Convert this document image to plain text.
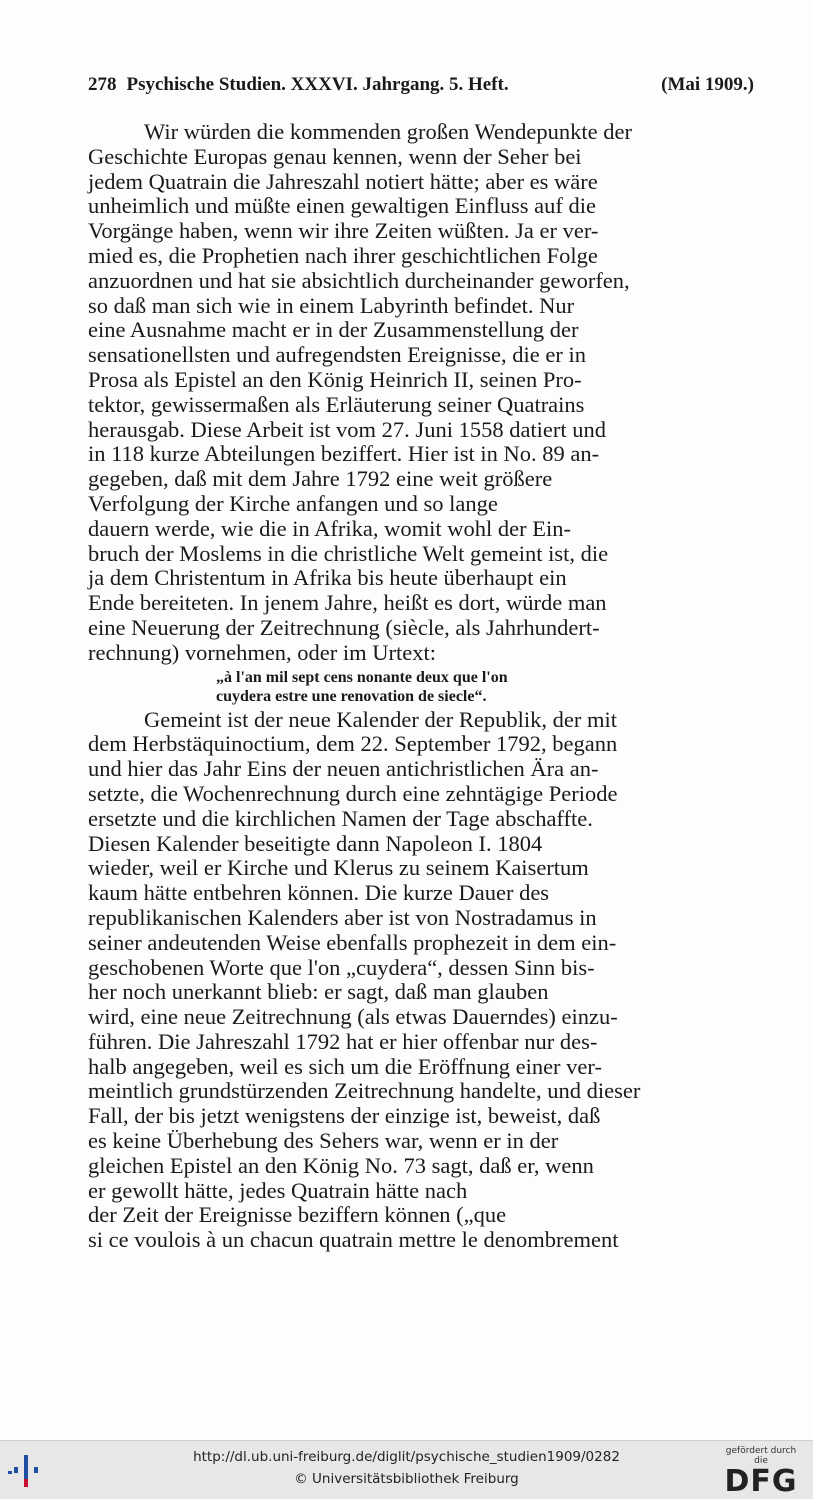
278 Psychische Studien. XXXVI. Jahrgang. 5. Heft.	(Mai 1909.)

Wir würden die kommenden großen Wendepunkte der
Geschichte Europas genau kennen, wenn der Seher bei
jedem Quatrain die Jahreszahl notiert hätte; aber es wäre
unheimlich und müßte einen gewaltigen Einfluss auf die
Vorgänge haben, wenn wir ihre Zeiten wüßten. Ja er ver-
mied es, die Prophetien nach ihrer geschichtlichen Folge
anzuordnen und hat sie absichtlich durcheinander geworfen,
so daß man sich wie in einem Labyrinth befindet. Nur
eine Ausnahme macht er in der Zusammenstellung der
sensationellsten und aufregendsten Ereignisse, die er in
Prosa als Epistel an den König Heinrich II, seinen Pro-
tektor, gewissermaßen als Erläuterung seiner Quatrains
herausgab. Diese Arbeit ist vom 27. Juni 1558 datiert und
in 118 kurze Abteilungen beziffert. Hier ist in No. 89 an-
gegeben, daß mit dem Jahre 1792 eine weit größere
Verfolgung der Kirche anfangen und so lange
dauern werde, wie die in Afrika, womit wohl der Ein-
bruch der Moslems in die christliche Welt gemeint ist, die
ja dem Christentum in Afrika bis heute überhaupt ein
Ende bereiteten. In jenem Jahre, heißt es dort, würde man
eine Neuerung der Zeitrechnung (siècle, als Jahrhundert-
rechnung) vornehmen, oder im Urtext:

„à l'an mil sept cens nonante deux que l'on
cuydera estre une renovation de siecle“.

Gemeint ist der neue Kalender der Republik, der mit
dem Herbstäquinoctium, dem 22. September 1792, begann
und hier das Jahr Eins der neuen antichristlichen Ära an-
setzte, die Wochenrechnung durch eine zehntägige Periode
ersetzte und die kirchlichen Namen der Tage abschaffte.
Diesen Kalender beseitigte dann Napoleon I. 1804
wieder, weil er Kirche und Klerus zu seinem Kaisertum
kaum hätte entbehren können. Die kurze Dauer des
republikanischen Kalenders aber ist von Nostradamus in
seiner andeutenden Weise ebenfalls prophezeit in dem ein-
geschobenen Worte que l'on „cuydera“, dessen Sinn bis-
her noch unerkannt blieb: er sagt, daß man glauben
wird, eine neue Zeitrechnung (als etwas Dauerndes) einzu-
führen. Die Jahreszahl 1792 hat er hier offenbar nur des-
halb angegeben, weil es sich um die Eröffnung einer ver-
meintlich grundstürzenden Zeitrechnung handelte, und dieser
Fall, der bis jetzt wenigstens der einzige ist, beweist, daß
es keine Überhebung des Sehers war, wenn er in der
gleichen Epistel an den König No. 73 sagt, daß er, wenn
er gewollt hätte, jedes Quatrain hätte nach
der Zeit der Ereignisse beziffern können („que
si ce voulois à un chacun quatrain mettre le denombrement

http://dl.ub.uni-freiburg.de/diglit/psychische_studien1909/0282
© Universitätsbibliothek Freiburg
gefördert durch die
DFG
